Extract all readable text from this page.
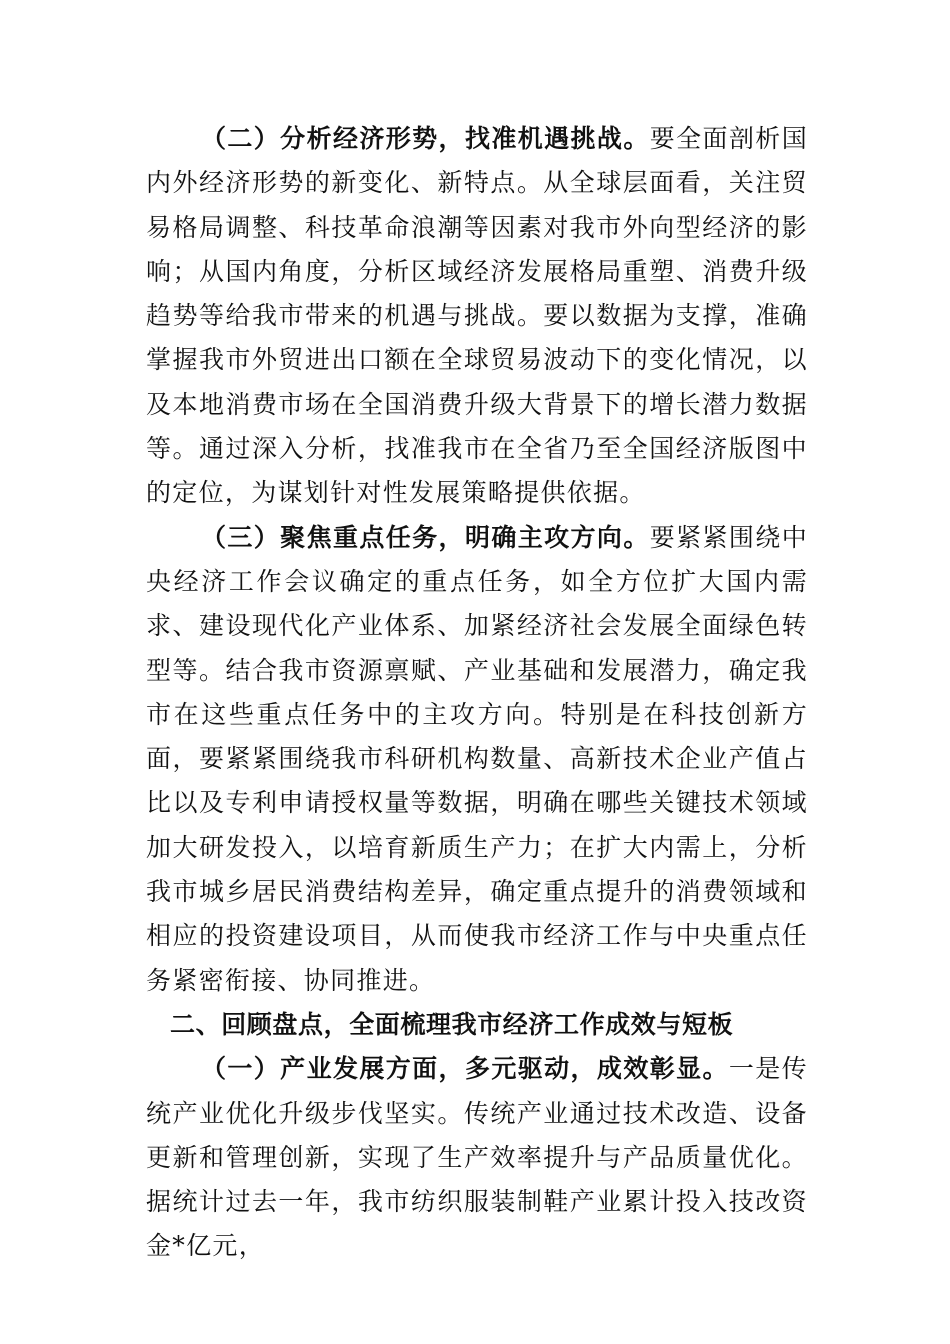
（二）分析经济形势，找准机遇挑战。要全面剖析国内外经济形势的新变化、新特点。从全球层面看，关注贸易格局调整、科技革命浪潮等因素对我市外向型经济的影响；从国内角度，分析区域经济发展格局重塑、消费升级趋势等给我市带来的机遇与挑战。要以数据为支撑，准确掌握我市外贸进出口额在全球贸易波动下的变化情况，以及本地消费市场在全国消费升级大背景下的增长潜力数据等。通过深入分析，找准我市在全省乃至全国经济版图中的定位，为谋划针对性发展策略提供依据。

（三）聚焦重点任务，明确主攻方向。要紧紧围绕中央经济工作会议确定的重点任务，如全方位扩大国内需求、建设现代化产业体系、加紧经济社会发展全面绿色转型等。结合我市资源禀赋、产业基础和发展潜力，确定我市在这些重点任务中的主攻方向。特别是在科技创新方面，要紧紧围绕我市科研机构数量、高新技术企业产值占比以及专利申请授权量等数据，明确在哪些关键技术领域加大研发投入，以培育新质生产力；在扩大内需上，分析我市城乡居民消费结构差异，确定重点提升的消费领域和相应的投资建设项目，从而使我市经济工作与中央重点任务紧密衔接、协同推进。

二、回顾盘点，全面梳理我市经济工作成效与短板

（一）产业发展方面，多元驱动，成效彰显。一是传统产业优化升级步伐坚实。传统产业通过技术改造、设备更新和管理创新，实现了生产效率提升与产品质量优化。据统计过去一年，我市纺织服装制鞋产业累计投入技改资金*亿元，
